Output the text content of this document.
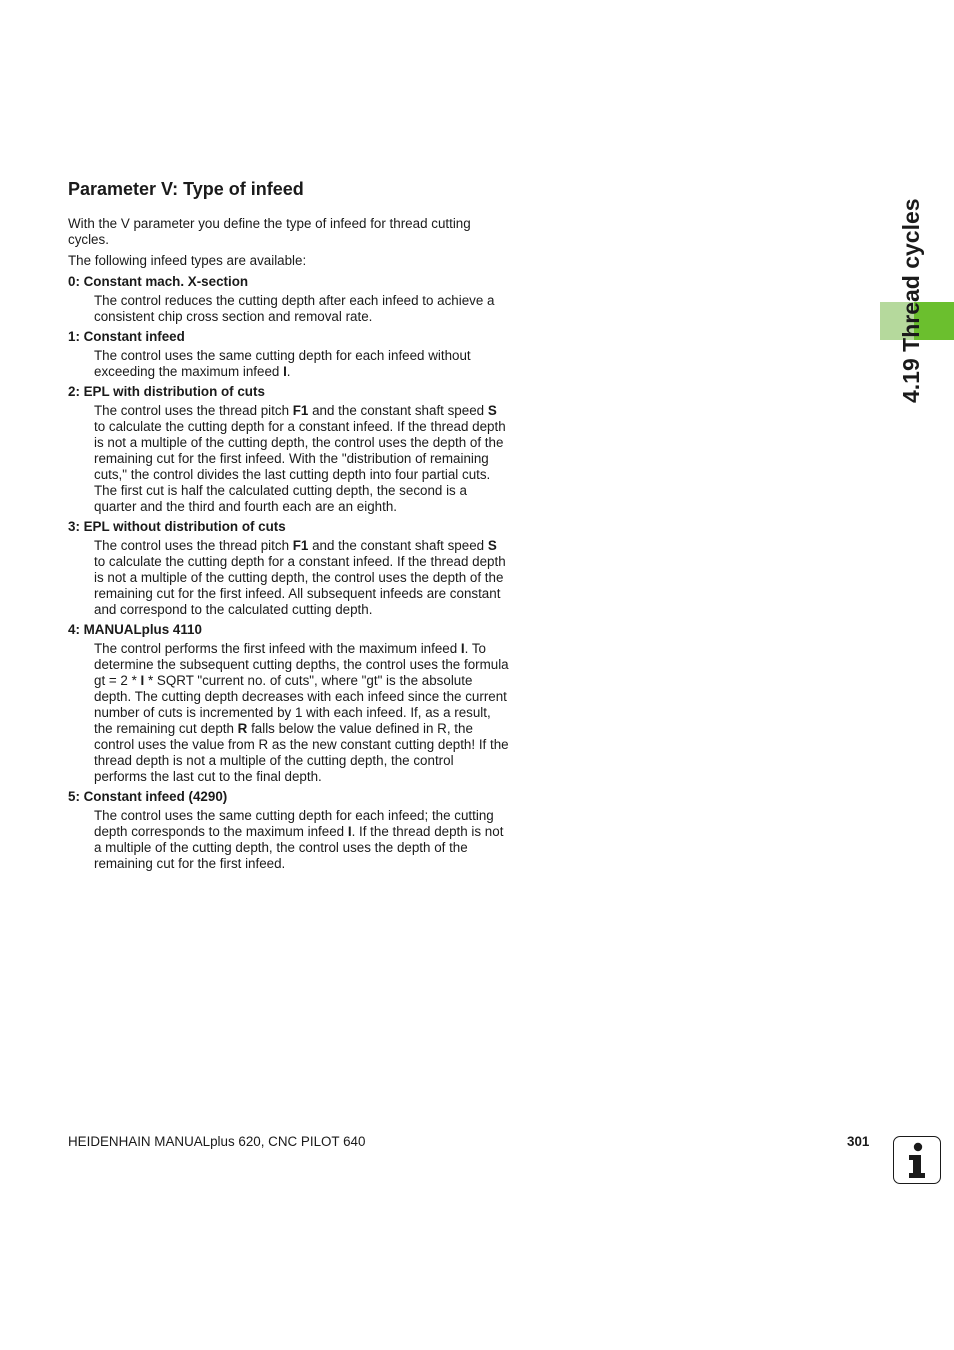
Parameter V: Type of infeed

With the V parameter you define the type of infeed for thread cutting cycles.

The following infeed types are available:

0: Constant mach. X-section
The control reduces the cutting depth after each infeed to achieve a consistent chip cross section and removal rate.
1: Constant infeed
The control uses the same cutting depth for each infeed without exceeding the maximum infeed I.
2: EPL with distribution of cuts
The control uses the thread pitch F1 and the constant shaft speed S to calculate the cutting depth for a constant infeed. If the thread depth is not a multiple of the cutting depth, the control uses the depth of the remaining cut for the first infeed. With the "distribution of remaining cuts," the control divides the last cutting depth into four partial cuts. The first cut is half the calculated cutting depth, the second is a quarter and the third and fourth each are an eighth.
3: EPL without distribution of cuts
The control uses the thread pitch F1 and the constant shaft speed S to calculate the cutting depth for a constant infeed. If the thread depth is not a multiple of the cutting depth, the control uses the depth of the remaining cut for the first infeed. All subsequent infeeds are constant and correspond to the calculated cutting depth.
4: MANUALplus 4110
The control performs the first infeed with the maximum infeed I. To determine the subsequent cutting depths, the control uses the formula gt = 2 * I * SQRT "current no. of cuts", where "gt" is the absolute depth. The cutting depth decreases with each infeed since the current number of cuts is incremented by 1 with each infeed. If, as a result, the remaining cut depth R falls below the value defined in R, the control uses the value from R as the new constant cutting depth! If the thread depth is not a multiple of the cutting depth, the control performs the last cut to the final depth.
5: Constant infeed (4290)
The control uses the same cutting depth for each infeed; the cutting depth corresponds to the maximum infeed I. If the thread depth is not a multiple of the cutting depth, the control uses the depth of the remaining cut for the first infeed.
4.19 Thread cycles
HEIDENHAIN MANUALplus 620, CNC PILOT 640	301
